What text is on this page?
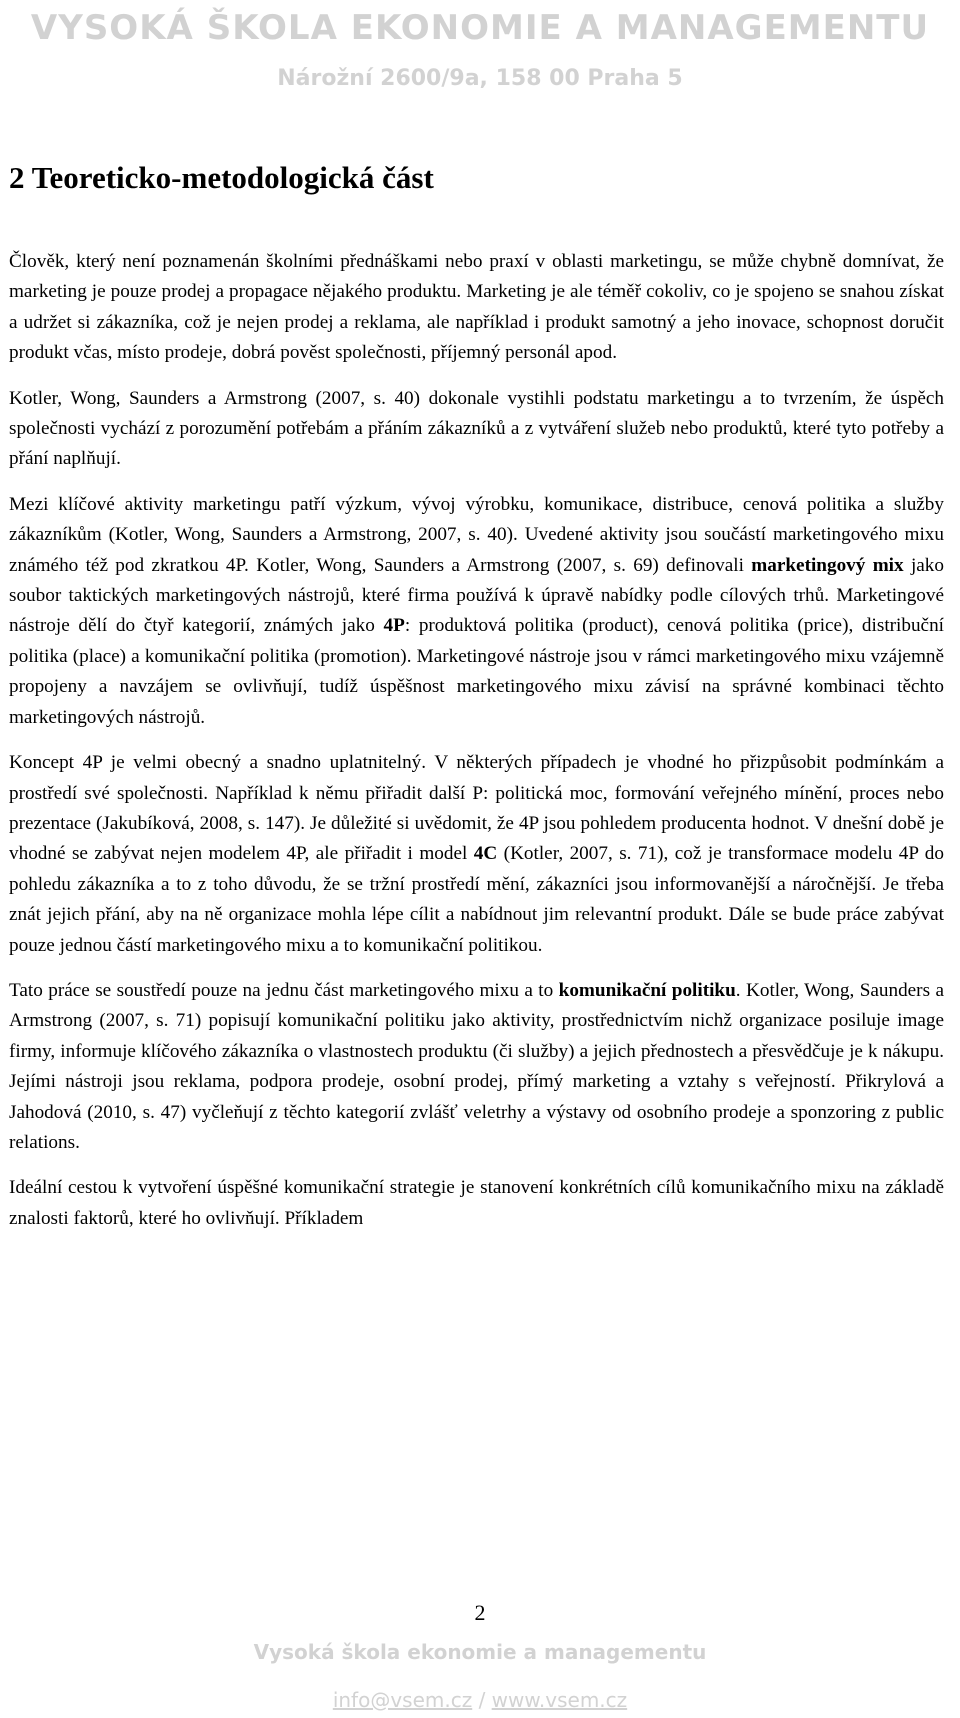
VYSOKÁ ŠKOLA EKONOMIE A MANAGEMENTU
Nárožní 2600/9a, 158 00 Praha 5
2 Teoreticko-metodologická část

Člověk, který není poznamenán školními přednáškami nebo praxí v oblasti marketingu, se může chybně domnívat, že marketing je pouze prodej a propagace nějakého produktu. Marketing je ale téměř cokoliv, co je spojeno se snahou získat a udržet si zákazníka, což je nejen prodej a reklama, ale například i produkt samotný a jeho inovace, schopnost doručit produkt včas, místo prodeje, dobrá pověst společnosti, příjemný personál apod.

Kotler, Wong, Saunders a Armstrong (2007, s. 40) dokonale vystihli podstatu marketingu a to tvrzením, že úspěch společnosti vychází z porozumění potřebám a přáním zákazníků a z vytváření služeb nebo produktů, které tyto potřeby a přání naplňují.

Mezi klíčové aktivity marketingu patří výzkum, vývoj výrobku, komunikace, distribuce, cenová politika a služby zákazníkům (Kotler, Wong, Saunders a Armstrong, 2007, s. 40). Uvedené aktivity jsou součástí marketingového mixu známého též pod zkratkou 4P. Kotler, Wong, Saunders a Armstrong (2007, s. 69) definovali marketingový mix jako soubor taktických marketingových nástrojů, které firma používá k úpravě nabídky podle cílových trhů. Marketingové nástroje dělí do čtyř kategorií, známých jako 4P: produktová politika (product), cenová politika (price), distribuční politika (place) a komunikační politika (promotion). Marketingové nástroje jsou v rámci marketingového mixu vzájemně propojeny a navzájem se ovlivňují, tudíž úspěšnost marketingového mixu závisí na správné kombinaci těchto marketingových nástrojů.

Koncept 4P je velmi obecný a snadno uplatnitelný. V některých případech je vhodné ho přizpůsobit podmínkám a prostředí své společnosti. Například k němu přiřadit další P: politická moc, formování veřejného mínění, proces nebo prezentace (Jakubíková, 2008, s. 147). Je důležité si uvědomit, že 4P jsou pohledem producenta hodnot. V dnešní době je vhodné se zabývat nejen modelem 4P, ale přiřadit i model 4C (Kotler, 2007, s. 71), což je transformace modelu 4P do pohledu zákazníka a to z toho důvodu, že se tržní prostředí mění, zákazníci jsou informovanější a náročnější. Je třeba znát jejich přání, aby na ně organizace mohla lépe cílit a nabídnout jim relevantní produkt. Dále se bude práce zabývat pouze jednou částí marketingového mixu a to komunikační politikou.

Tato práce se soustředí pouze na jednu část marketingového mixu a to komunikační politiku. Kotler, Wong, Saunders a Armstrong (2007, s. 71) popisují komunikační politiku jako aktivity, prostřednictvím nichž organizace posiluje image firmy, informuje klíčového zákazníka o vlastnostech produktu (či služby) a jejich přednostech a přesvědčuje je k nákupu. Jejími nástroji jsou reklama, podpora prodeje, osobní prodej, přímý marketing a vztahy s veřejností. Přikrylová a Jahodová (2010, s. 47) vyčleňují z těchto kategorií zvlášť veletrhy a výstavy od osobního prodeje a sponzoring z public relations.

Ideální cestou k vytvoření úspěšné komunikační strategie je stanovení konkrétních cílů komunikačního mixu na základě znalosti faktorů, které ho ovlivňují. Příkladem

2
Vysoká škola ekonomie a managementu
info@vsem.cz / www.vsem.cz
